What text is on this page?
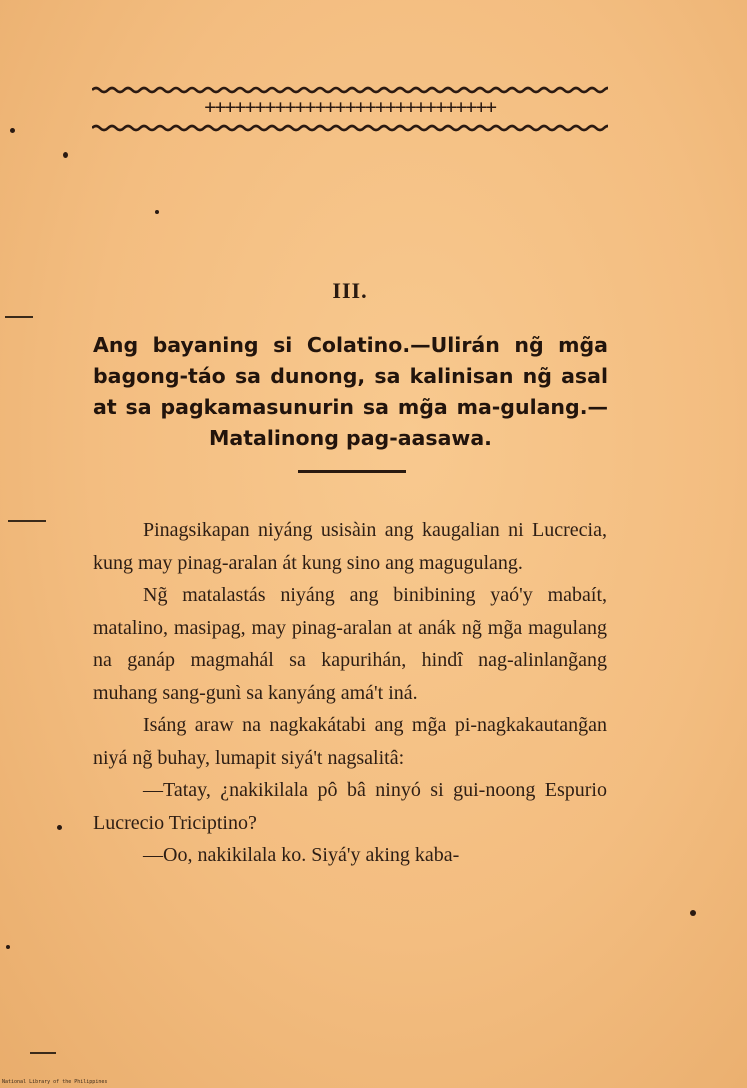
+++++++++++++++++++++++++++++
III.
Ang bayaning si Colatino.—Ulirán ng̃ mg̃a bagong-táo sa dunong, sa kalinisan ng̃ asal at sa pagkamasunurin sa mg̃a ma-gulang.—Matalinong pag-aasawa.

Pinagsikapan niyáng usisàin ang kaugalian ni Lucrecia, kung may pinag-aralan át kung sino ang magugulang.

Ng̃ matalastás niyáng ang binibining yaó'y mabaít, matalino, masipag, may pinag-aralan at anák ng̃ mg̃a magulang na ganáp magmahál sa kapurihán, hindî nag-alinlang̃ang muhang sang-gunì sa kanyáng amá't iná.

Isáng araw na nagkakátabi ang mg̃a pi-nagkakautang̃an niyá ng̃ buhay, lumapit siyá't nagsalitâ:

—Tatay, ¿nakikilala pô bâ ninyó si gui-noong Espurio Lucrecio Triciptino?

—Oo, nakikilala ko. Siyá'y aking kaba-

National Library of the Philippines
